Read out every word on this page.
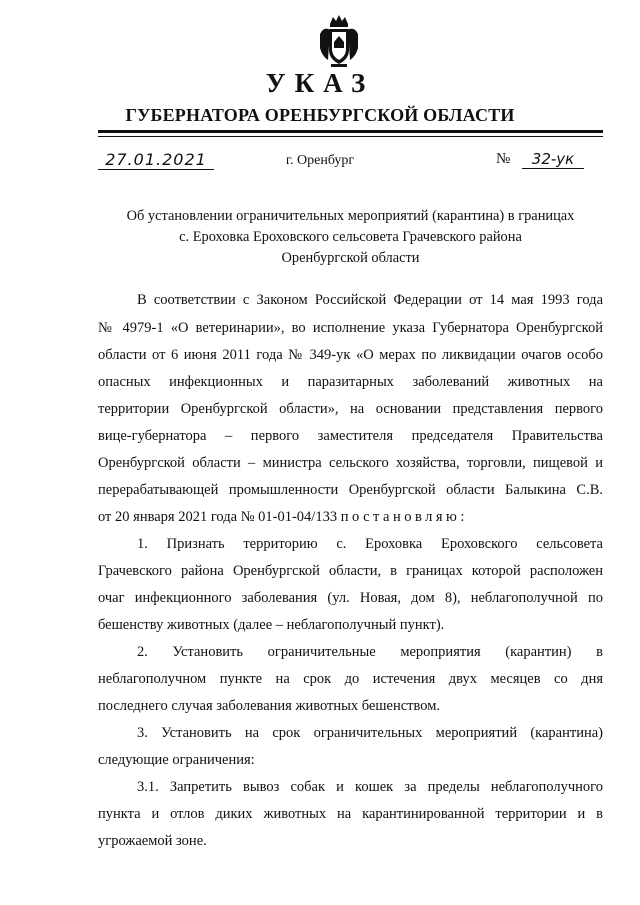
УКАЗ
ГУБЕРНАТОРА ОРЕНБУРГСКОЙ ОБЛАСТИ
27.01.2021	г. Оренбург	№	32-ук
Об установлении ограничительных мероприятий (карантина) в границах
с. Ероховка Ероховского сельсовета Грачевского района
Оренбургской области
В соответствии с Законом Российской Федерации от 14 мая 1993 года
№ 4979-1 «О ветеринарии», во исполнение указа Губернатора Оренбургской
области от 6 июня 2011 года № 349-ук «О мерах по ликвидации очагов особо
опасных инфекционных и паразитарных заболеваний животных на
территории Оренбургской области», на основании представления первого
вице-губернатора – первого заместителя председателя Правительства
Оренбургской области – министра сельского хозяйства, торговли, пищевой и
перерабатывающей промышленности Оренбургской области Балыкина С.В.
от 20 января 2021 года № 01-01-04/133 постановляю:
1. Признать территорию с. Ероховка Ероховского сельсовета
Грачевского района Оренбургской области, в границах которой расположен
очаг инфекционного заболевания (ул. Новая, дом 8), неблагополучной по
бешенству животных (далее – неблагополучный пункт).
2. Установить ограничительные мероприятия (карантин) в
неблагополучном пункте на срок до истечения двух месяцев со дня
последнего случая заболевания животных бешенством.
3. Установить на срок ограничительных мероприятий (карантина)
следующие ограничения:
3.1. Запретить вывоз собак и кошек за пределы неблагополучного
пункта и отлов диких животных на карантинированной территории и в
угрожаемой зоне.
